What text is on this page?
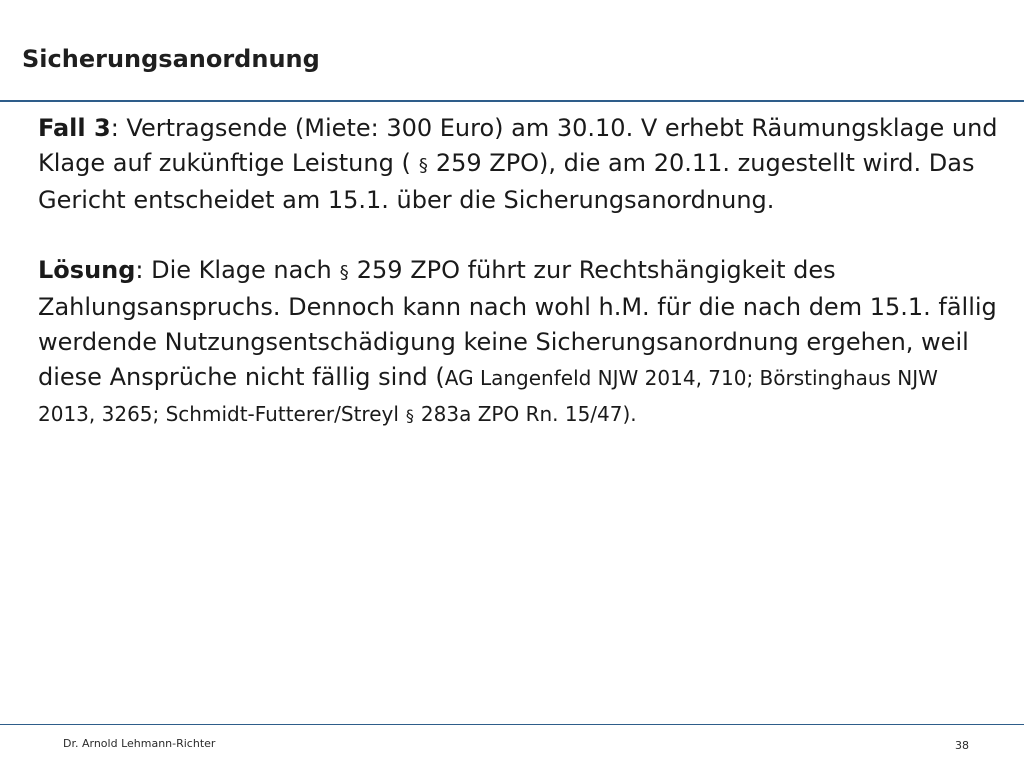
Sicherungsanordnung

Fall 3: Vertragsende (Miete: 300 Euro) am 30.10. V erhebt Räumungsklage und Klage auf zukünftige Leistung ( § 259 ZPO), die am 20.11. zugestellt wird. Das Gericht entscheidet am 15.1. über die Sicherungsanordnung.

Lösung: Die Klage nach § 259 ZPO führt zur Rechtshängigkeit des Zahlungsanspruchs. Dennoch kann nach wohl h.M. für die nach dem 15.1. fällig werdende Nutzungsentschädigung keine Sicherungsanordnung ergehen, weil diese Ansprüche nicht fällig sind (AG Langenfeld NJW 2014, 710; Börstinghaus NJW 2013, 3265; Schmidt-Futterer/Streyl § 283a ZPO Rn. 15/47).

Dr. Arnold Lehmann-Richter	38
